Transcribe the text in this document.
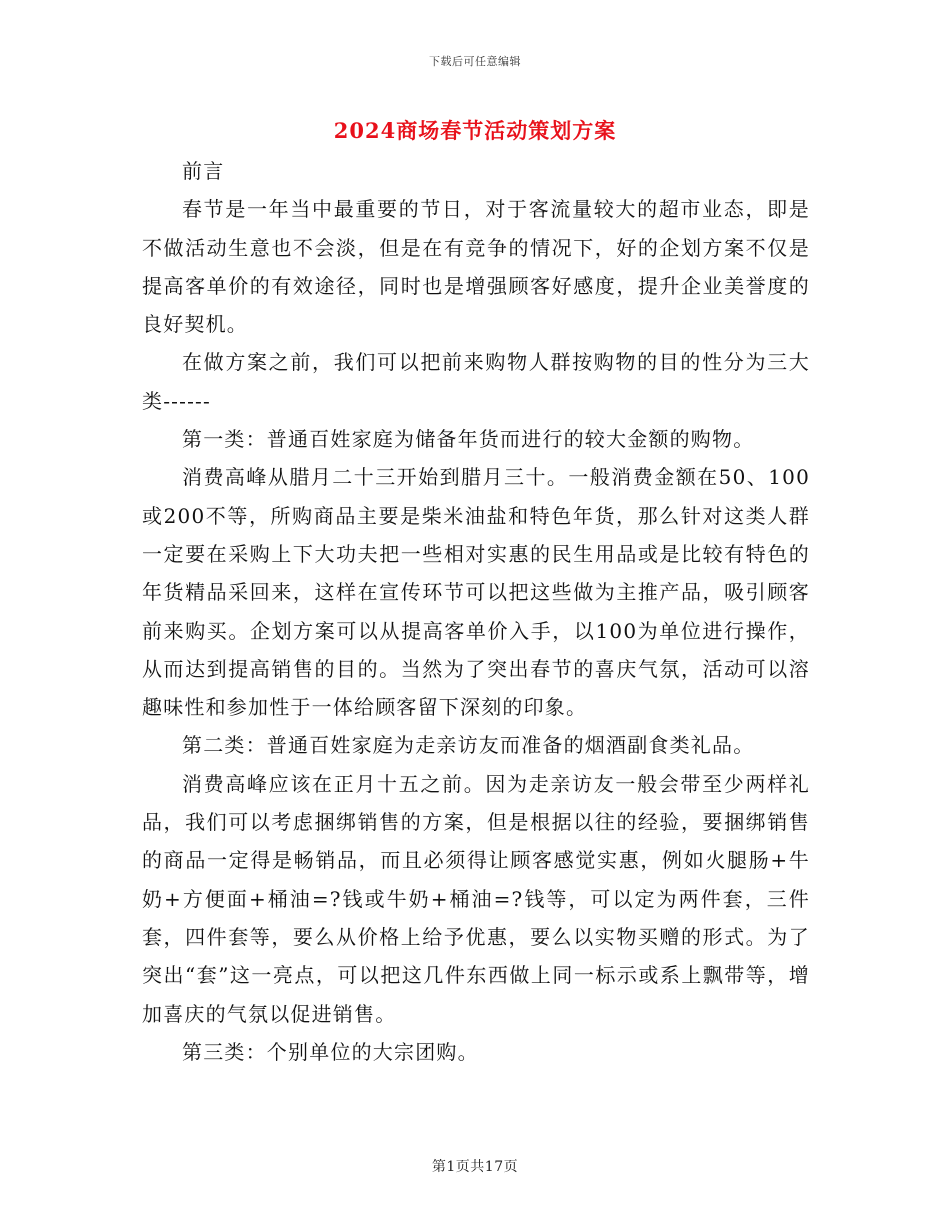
下载后可任意编辑
2024商场春节活动策划方案

前言

春节是一年当中最重要的节日，对于客流量较大的超市业态，即是不做活动生意也不会淡，但是在有竞争的情况下，好的企划方案不仅是提高客单价的有效途径，同时也是增强顾客好感度，提升企业美誉度的良好契机。

在做方案之前，我们可以把前来购物人群按购物的目的性分为三大类------

第一类：普通百姓家庭为储备年货而进行的较大金额的购物。

消费高峰从腊月二十三开始到腊月三十。一般消费金额在50、100或200不等，所购商品主要是柴米油盐和特色年货，那么针对这类人群一定要在采购上下大功夫把一些相对实惠的民生用品或是比较有特色的年货精品采回来，这样在宣传环节可以把这些做为主推产品，吸引顾客前来购买。企划方案可以从提高客单价入手，以100为单位进行操作，从而达到提高销售的目的。当然为了突出春节的喜庆气氛，活动可以溶趣味性和参加性于一体给顾客留下深刻的印象。

第二类：普通百姓家庭为走亲访友而准备的烟酒副食类礼品。

消费高峰应该在正月十五之前。因为走亲访友一般会带至少两样礼品，我们可以考虑捆绑销售的方案，但是根据以往的经验，要捆绑销售的商品一定得是畅销品，而且必须得让顾客感觉实惠，例如火腿肠+牛奶+方便面+桶油=?钱或牛奶+桶油=?钱等，可以定为两件套，三件套，四件套等，要么从价格上给予优惠，要么以实物买赠的形式。为了突出“套”这一亮点，可以把这几件东西做上同一标示或系上飘带等，增加喜庆的气氛以促进销售。

第三类：个别单位的大宗团购。

第1页共17页
